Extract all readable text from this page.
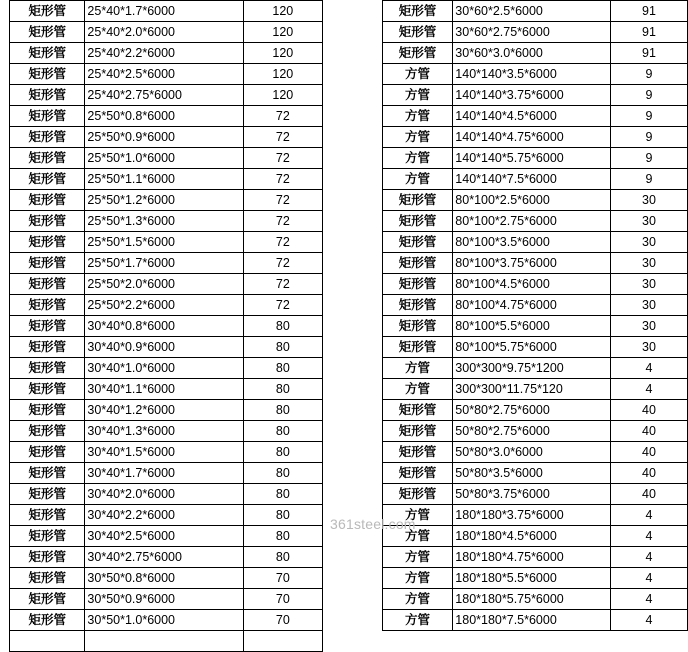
矩形管	25*40*1.7*6000	120
矩形管	25*40*2.0*6000	120
矩形管	25*40*2.2*6000	120
矩形管	25*40*2.5*6000	120
矩形管	25*40*2.75*6000	120
矩形管	25*50*0.8*6000	72
矩形管	25*50*0.9*6000	72
矩形管	25*50*1.0*6000	72
矩形管	25*50*1.1*6000	72
矩形管	25*50*1.2*6000	72
矩形管	25*50*1.3*6000	72
矩形管	25*50*1.5*6000	72
矩形管	25*50*1.7*6000	72
矩形管	25*50*2.0*6000	72
矩形管	25*50*2.2*6000	72
矩形管	30*40*0.8*6000	80
矩形管	30*40*0.9*6000	80
矩形管	30*40*1.0*6000	80
矩形管	30*40*1.1*6000	80
矩形管	30*40*1.2*6000	80
矩形管	30*40*1.3*6000	80
矩形管	30*40*1.5*6000	80
矩形管	30*40*1.7*6000	80
矩形管	30*40*2.0*6000	80
矩形管	30*40*2.2*6000	80
矩形管	30*40*2.5*6000	80
矩形管	30*40*2.75*6000	80
矩形管	30*50*0.8*6000	70
矩形管	30*50*0.9*6000	70
矩形管	30*50*1.0*6000	70

矩形管	30*60*2.5*6000	91
矩形管	30*60*2.75*6000	91
矩形管	30*60*3.0*6000	91
方管	140*140*3.5*6000	9
方管	140*140*3.75*6000	9
方管	140*140*4.5*6000	9
方管	140*140*4.75*6000	9
方管	140*140*5.75*6000	9
方管	140*140*7.5*6000	9
矩形管	80*100*2.5*6000	30
矩形管	80*100*2.75*6000	30
矩形管	80*100*3.5*6000	30
矩形管	80*100*3.75*6000	30
矩形管	80*100*4.5*6000	30
矩形管	80*100*4.75*6000	30
矩形管	80*100*5.5*6000	30
矩形管	80*100*5.75*6000	30
方管	300*300*9.75*1200	4
方管	300*300*11.75*120	4
矩形管	50*80*2.75*6000	40
矩形管	50*80*2.75*6000	40
矩形管	50*80*3.0*6000	40
矩形管	50*80*3.5*6000	40
矩形管	50*80*3.75*6000	40
方管	180*180*3.75*6000	4
方管	180*180*4.5*6000	4
方管	180*180*4.75*6000	4
方管	180*180*5.5*6000	4
方管	180*180*5.75*6000	4
方管	180*180*7.5*6000	4
361steel.com
